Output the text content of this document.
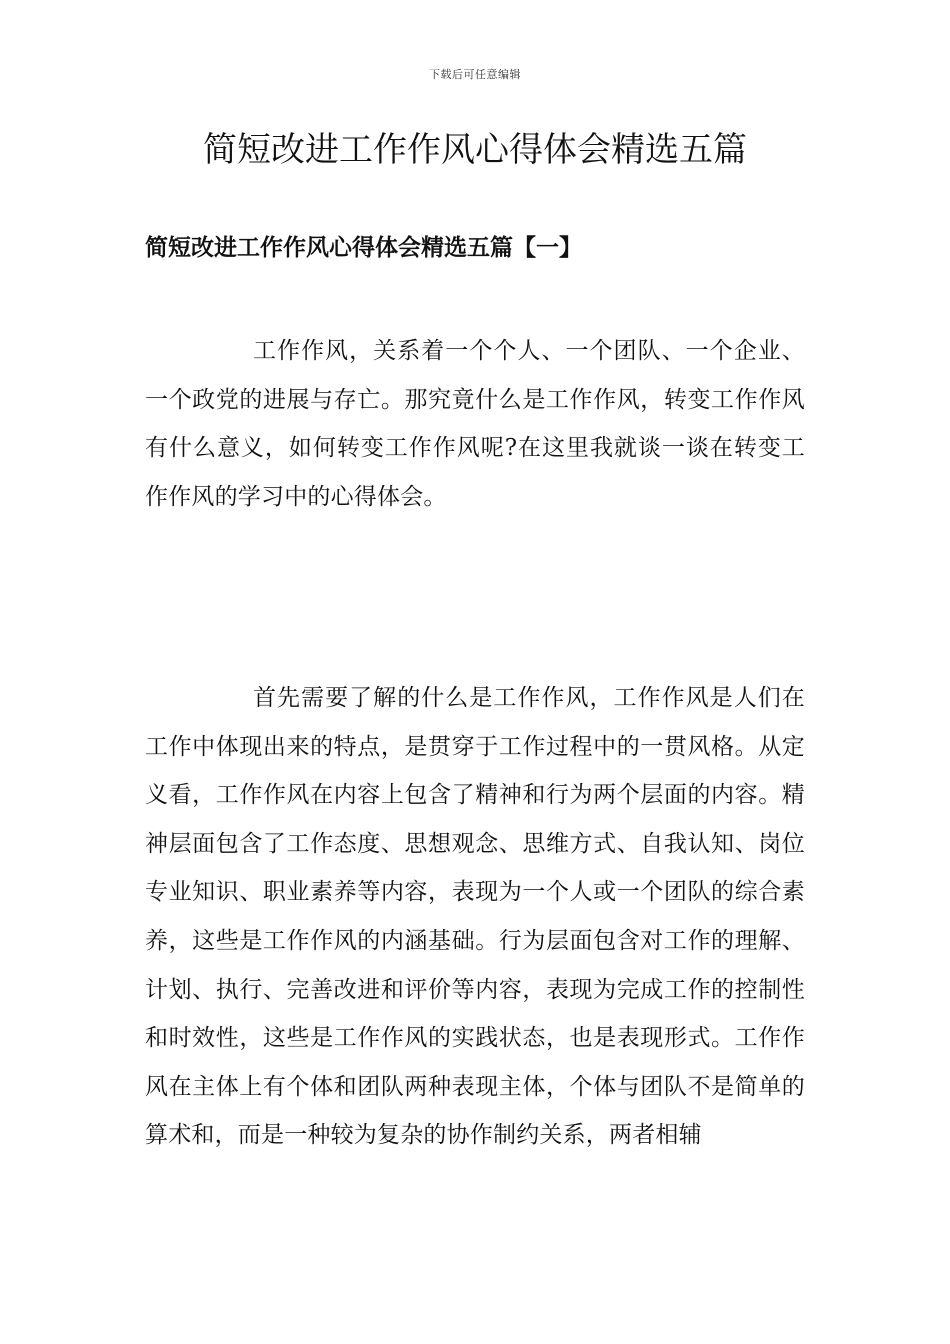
下载后可任意编辑
简短改进工作作风心得体会精选五篇
简短改进工作作风心得体会精选五篇【一】

工作作风，关系着一个个人、一个团队、一个企业、一个政党的进展与存亡。那究竟什么是工作作风，转变工作作风有什么意义，如何转变工作作风呢?在这里我就谈一谈在转变工作作风的学习中的心得体会。

首先需要了解的什么是工作作风，工作作风是人们在工作中体现出来的特点，是贯穿于工作过程中的一贯风格。从定义看，工作作风在内容上包含了精神和行为两个层面的内容。精神层面包含了工作态度、思想观念、思维方式、自我认知、岗位专业知识、职业素养等内容，表现为一个人或一个团队的综合素养，这些是工作作风的内涵基础。行为层面包含对工作的理解、计划、执行、完善改进和评价等内容，表现为完成工作的控制性和时效性，这些是工作作风的实践状态，也是表现形式。工作作风在主体上有个体和团队两种表现主体，个体与团队不是简单的算术和，而是一种较为复杂的协作制约关系，两者相辅
